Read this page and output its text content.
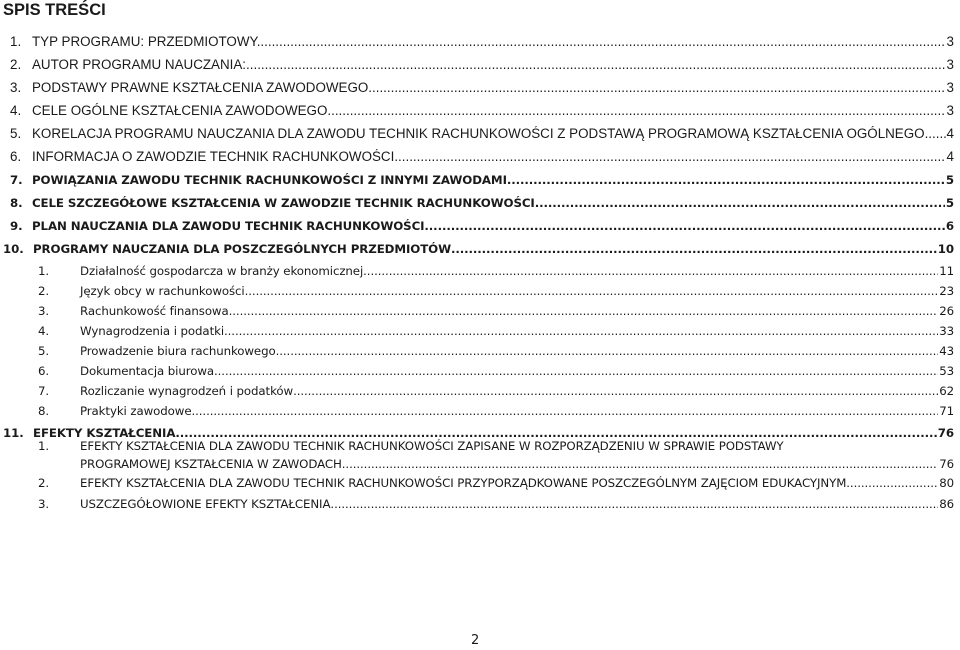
SPIS TREŚCI
1. TYP PROGRAMU: PRZEDMIOTOWY. .....	3
2. AUTOR PROGRAMU NAUCZANIA: .....	3
3. PODSTAWY PRAWNE KSZTAŁCENIA ZAWODOWEGO. .....	3
4. CELE OGÓLNE KSZTAŁCENIA ZAWODOWEGO .....	3
5. KORELACJA PROGRAMU NAUCZANIA DLA ZAWODU TECHNIK RACHUNKOWOŚCI Z PODSTAWĄ PROGRAMOWĄ KSZTAŁCENIA OGÓLNEGO ..... 4
6. INFORMACJA O ZAWODZIE TECHNIK RACHUNKOWOŚCI .....	4
7. POWIĄZANIA ZAWODU TECHNIK RACHUNKOWOŚCI Z INNYMI ZAWODAMI .....	5
8. CELE SZCZEGÓŁOWE KSZTAŁCENIA W ZAWODZIE TECHNIK RACHUNKOWOŚCI .....	5
9. PLAN NAUCZANIA DLA ZAWODU TECHNIK RACHUNKOWOŚCI .....	6
10. PROGRAMY NAUCZANIA DLA POSZCZEGÓLNYCH PRZEDMIOTÓW .....	10
1.	Działalność gospodarcza w branży ekonomicznej .....	11
2.	Język obcy w rachunkowości .....	23
3.	Rachunkowość finansowa. .....	26
4.	Wynagrodzenia i podatki .....	33
5.	Prowadzenie biura rachunkowego .....	43
6.	Dokumentacja biurowa .....	53
7.	Rozliczanie wynagrodzeń i podatków .....	62
8.	Praktyki zawodowe .....	71
11. EFEKTY KSZTAŁCENIA .....	76
1.	EFEKTY KSZTAŁCENIA DLA ZAWODU TECHNIK RACHUNKOWOŚCI ZAPISANE W ROZPORZĄDZENIU W SPRAWIE PODSTAWY
PROGRAMOWEJ KSZTAŁCENIA W ZAWODACH .....	76
2.	EFEKTY KSZTAŁCENIA DLA ZAWODU TECHNIK RACHUNKOWOŚCI PRZYPORZĄDKOWANE POSZCZEGÓLNYM ZAJĘCIOM EDUKACYJNYM .....	80
3.	USZCZEGÓŁOWIONE EFEKTY KSZTAŁCENIA .....	86
2
